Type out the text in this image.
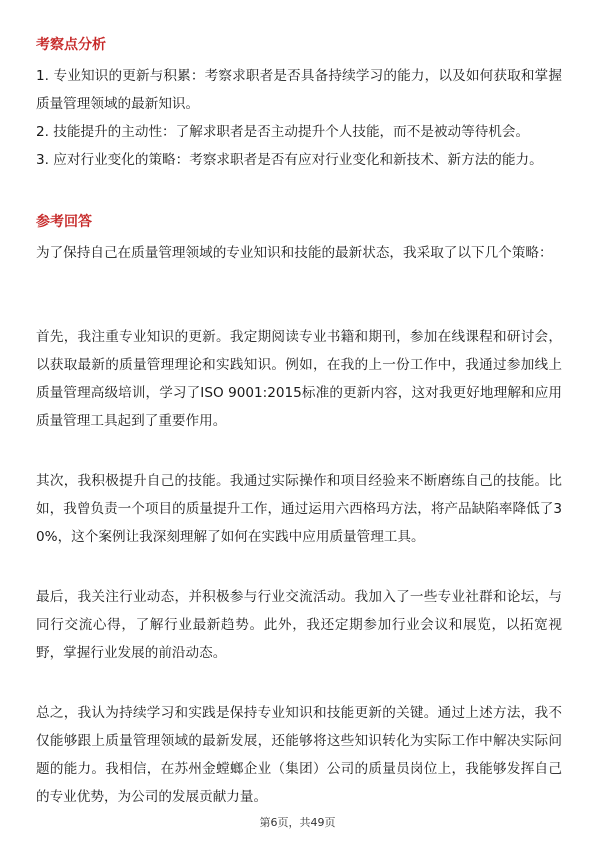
考察点分析

1. 专业知识的更新与积累：考察求职者是否具备持续学习的能力，以及如何获取和掌握质量管理领域的最新知识。

2. 技能提升的主动性：了解求职者是否主动提升个人技能，而不是被动等待机会。

3. 应对行业变化的策略：考察求职者是否有应对行业变化和新技术、新方法的能力。

参考回答
为了保持自己在质量管理领域的专业知识和技能的最新状态，我采取了以下几个策略：
首先，我注重专业知识的更新。我定期阅读专业书籍和期刊，参加在线课程和研讨会，以获取最新的质量管理理论和实践知识。例如，在我的上一份工作中，我通过参加线上质量管理高级培训，学习了ISO 9001:2015标准的更新内容，这对我更好地理解和应用质量管理工具起到了重要作用。
其次，我积极提升自己的技能。我通过实际操作和项目经验来不断磨练自己的技能。比如，我曾负责一个项目的质量提升工作，通过运用六西格玛方法，将产品缺陷率降低了30%，这个案例让我深刻理解了如何在实践中应用质量管理工具。
最后，我关注行业动态，并积极参与行业交流活动。我加入了一些专业社群和论坛，与同行交流心得，了解行业最新趋势。此外，我还定期参加行业会议和展览，以拓宽视野，掌握行业发展的前沿动态。
总之，我认为持续学习和实践是保持专业知识和技能更新的关键。通过上述方法，我不仅能够跟上质量管理领域的最新发展，还能够将这些知识转化为实际工作中解决实际问题的能力。我相信，在苏州金螳螂企业（集团）公司的质量员岗位上，我能够发挥自己的专业优势，为公司的发展贡献力量。
第6页，共49页
